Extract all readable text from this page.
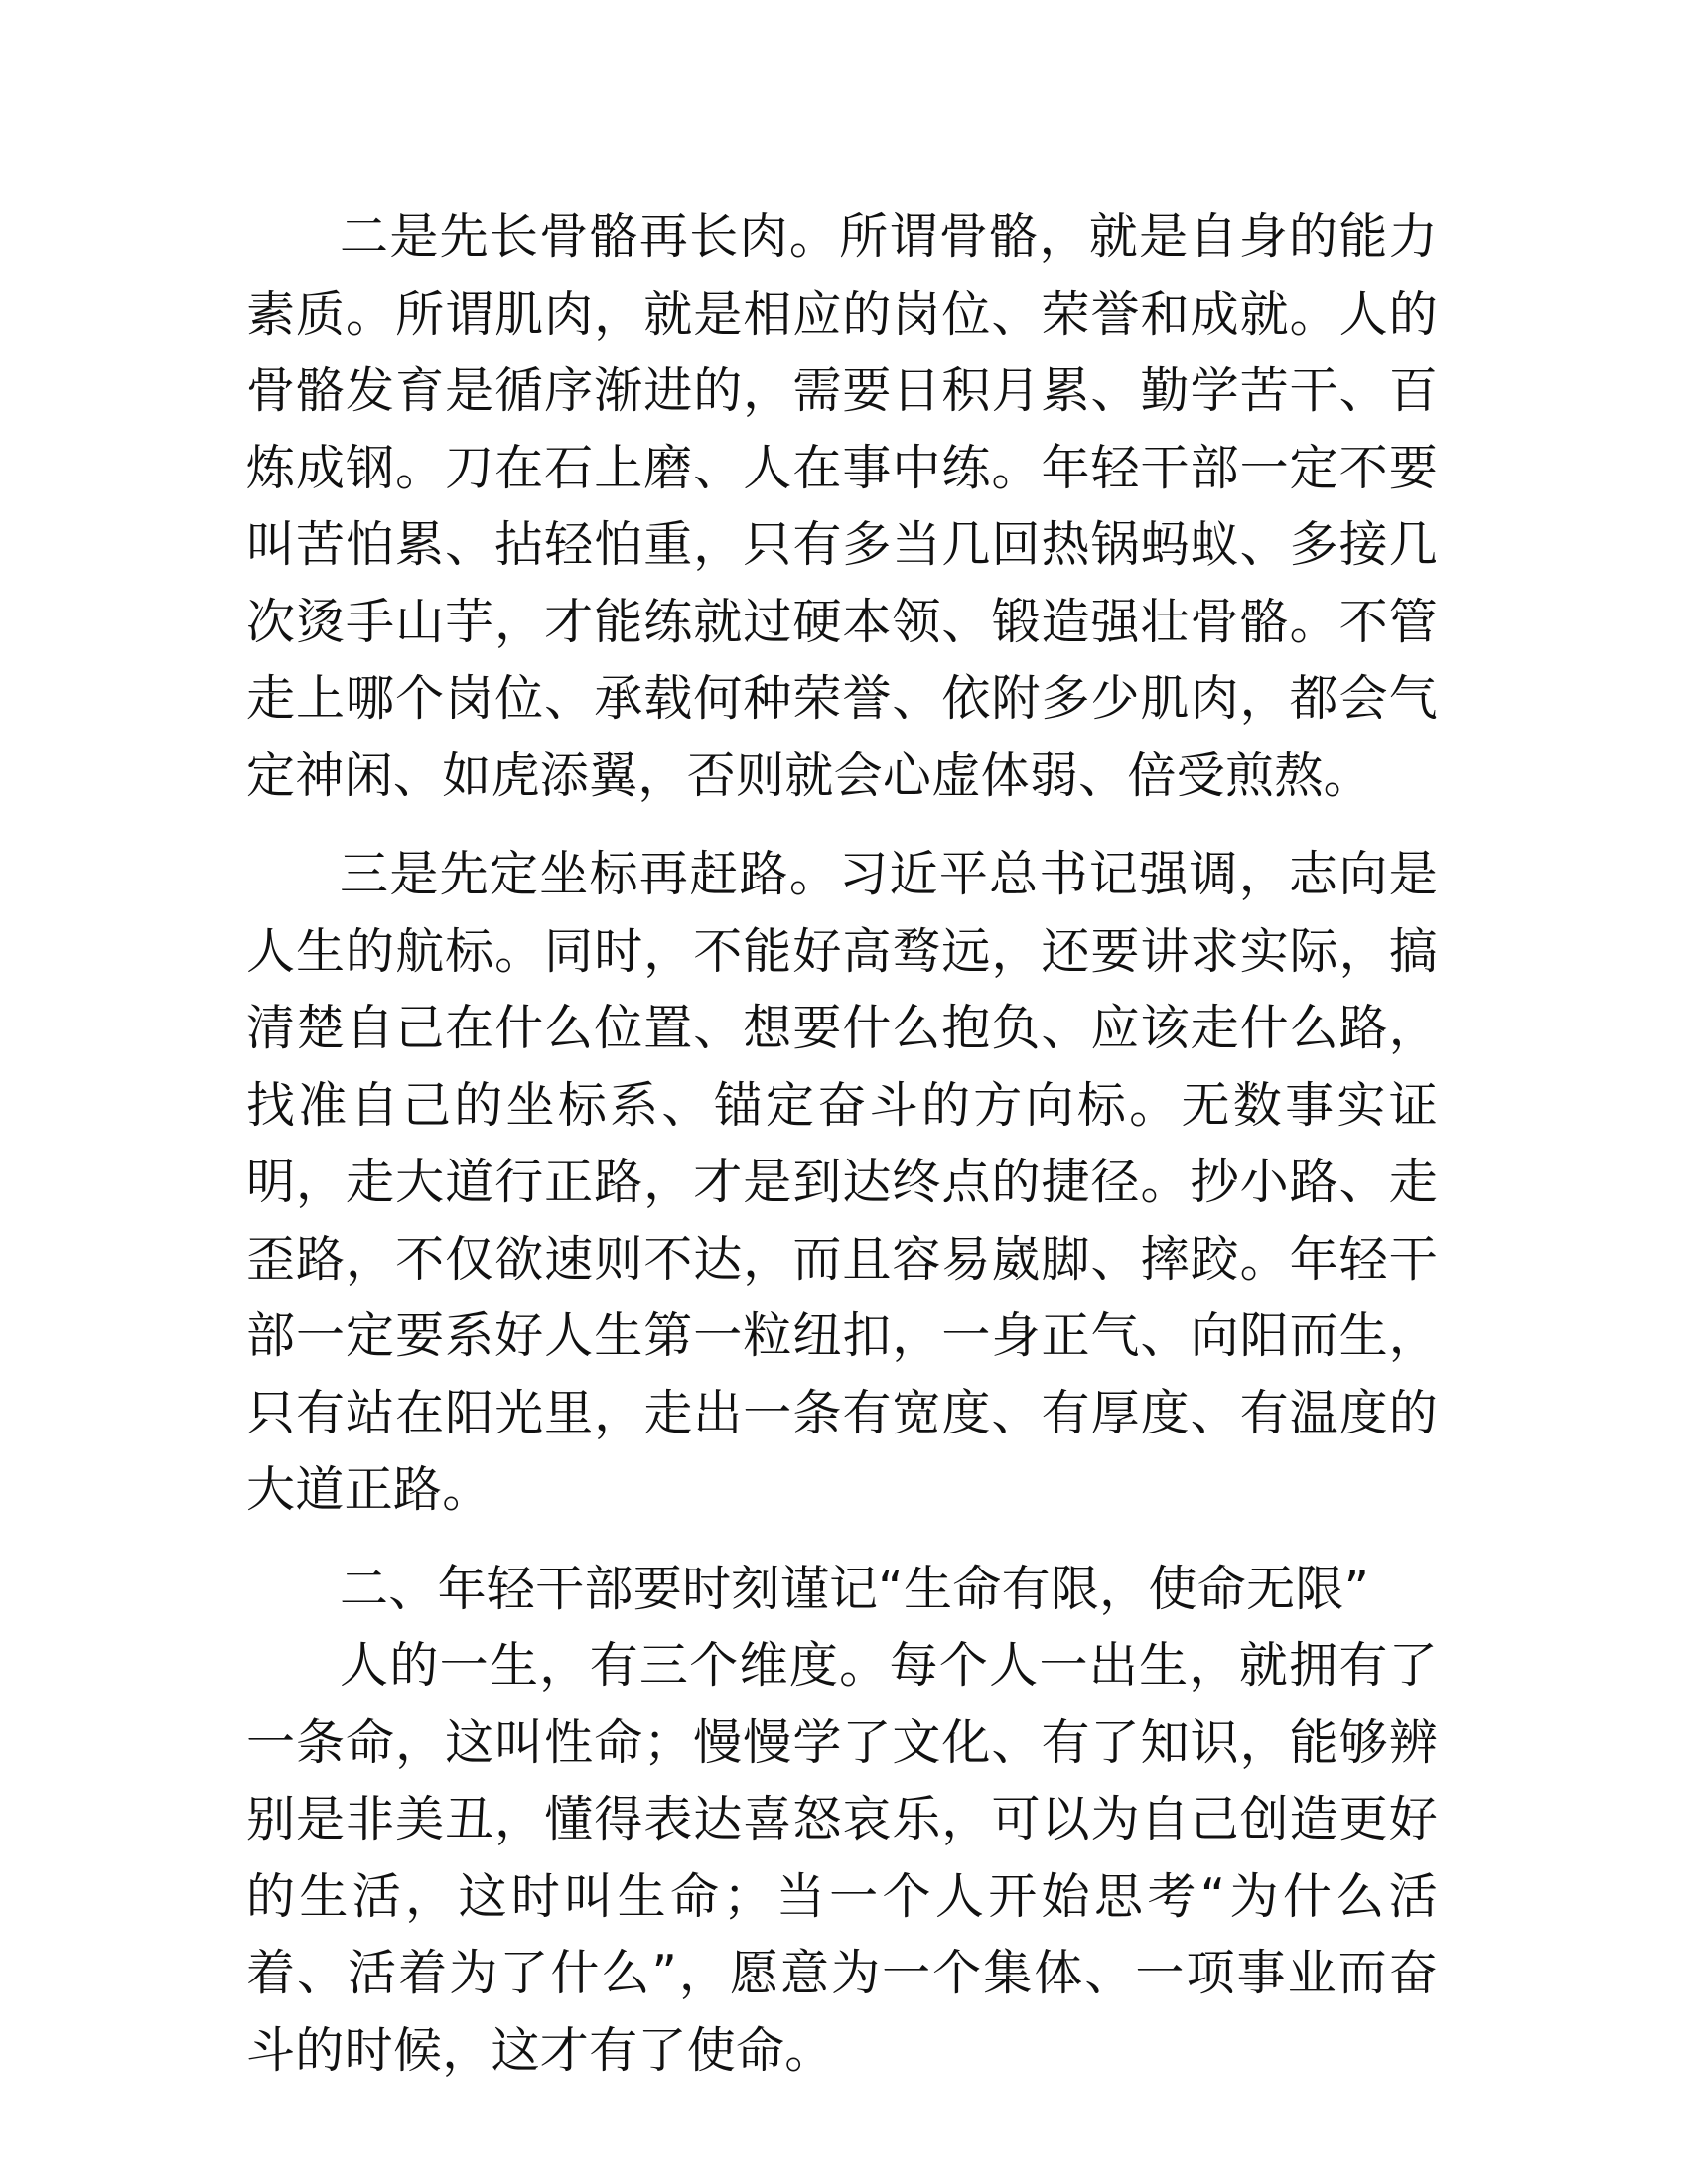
二是先长骨骼再长肉。所谓骨骼，就是自身的能力素质。所谓肌肉，就是相应的岗位、荣誉和成就。人的骨骼发育是循序渐进的，需要日积月累、勤学苦干、百炼成钢。刀在石上磨、人在事中练。年轻干部一定不要叫苦怕累、拈轻怕重，只有多当几回热锅蚂蚁、多接几次烫手山芋，才能练就过硬本领、锻造强壮骨骼。不管走上哪个岗位、承载何种荣誉、依附多少肌肉，都会气定神闲、如虎添翼，否则就会心虚体弱、倍受煎熬。

三是先定坐标再赶路。习近平总书记强调，志向是人生的航标。同时，不能好高骛远，还要讲求实际，搞清楚自己在什么位置、想要什么抱负、应该走什么路，找准自己的坐标系、锚定奋斗的方向标。无数事实证明，走大道行正路，才是到达终点的捷径。抄小路、走歪路，不仅欲速则不达，而且容易崴脚、摔跤。年轻干部一定要系好人生第一粒纽扣，一身正气、向阳而生，只有站在阳光里，走出一条有宽度、有厚度、有温度的大道正路。

二、年轻干部要时刻谨记“生命有限，使命无限”

人的一生，有三个维度。每个人一出生，就拥有了一条命，这叫性命；慢慢学了文化、有了知识，能够辨别是非美丑，懂得表达喜怒哀乐，可以为自己创造更好的生活，这时叫生命；当一个人开始思考“为什么活着、活着为了什么”，愿意为一个集体、一项事业而奋斗的时候，这才有了使命。
